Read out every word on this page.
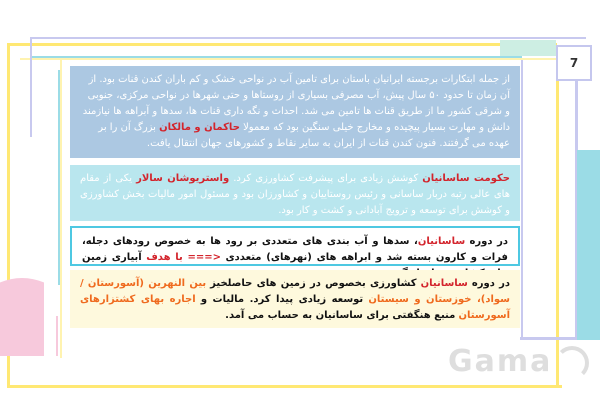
7
از جمله ابتکارات برجسته ایرانیان باستان برای تامین آب در نواحی خشک و کم باران کندن قنات بود. از آن زمان تا حدود ۵۰ سال پیش، آب مصرفی بسیاری از روستاها و حتی شهرها در نواحی مرکزی، جنوبی و شرقی کشور ما از طریق قنات ها تامین می شد. احداث و نگه داری قنات ها، سدها و آبراهه ها نیازمند دانش و مهارت بسیار پیچیده و مخارج خیلی سنگین بود که معمولا حاکمان و مالکان بزرگ آن را بر عهده می گرفتند. فنون کندن قنات از ایران به سایر نقاط و کشورهای جهان انتقال یافت.
حکومت ساسانیان کوشش زیادی برای پیشرفت کشاورزی کرد. واستریوشان سالار یکی از مقام های عالی رتبه دربار ساسانی و رئیس روستاییان و کشاورزان بود و مسئول امور مالیات بخش کشاورزی و کوشش برای توسعه و ترویج آبادانی و کشت و کار بود.
در دوره ساسانیان، سدها و آب بندی های متعددی بر رود ها به خصوص رودهای دجله، فرات و کارون بسته شد و ابراهه های (نهرهای) متعددی <=== با هدف آبیاری زمین
در دوره ساسانیان کشاورزی بخصوص در زمین های حاصلخیز بین النهرین (آسورستان / سواد)، خوزستان و سیستان توسعه زیادی پیدا کرد. مالیات و اجاره بهای کشتزارهای آسورستان منبع هنگفتی برای ساسانیان به حساب می آمد.
Gama
